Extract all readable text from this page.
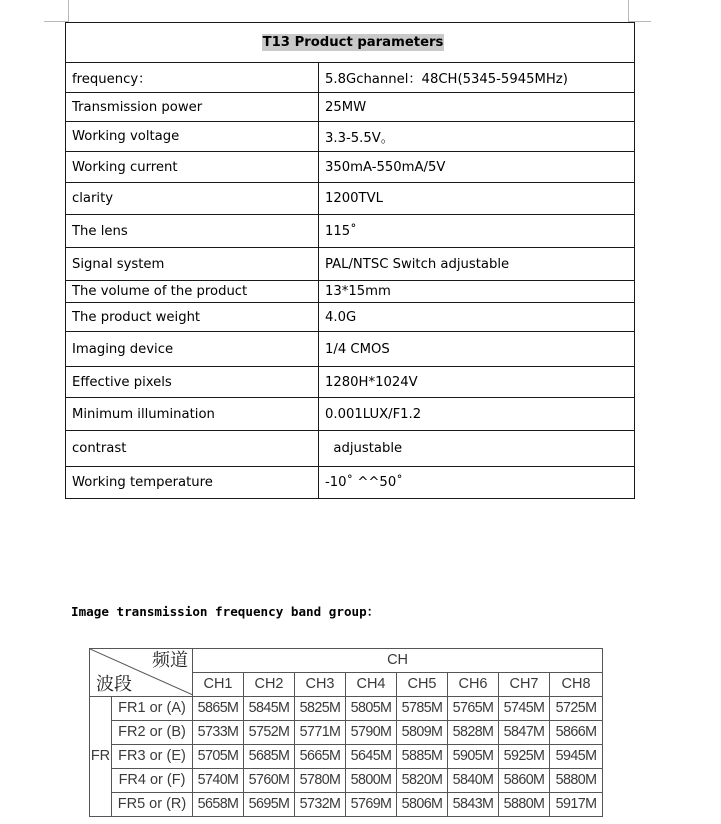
T13 Product parameters	
frequency：	5.8Gchannel：48CH(5345-5945MHz)
Transmission power	25MW
Working voltage	3.3-5.5V。
Working current	350mA-550mA/5V
clarity	1200TVL
The lens	115˚
Signal system	PAL/NTSC Switch adjustable
The volume of the product	13*15mm
The product weight	4.0G
Imaging device	1/4 CMOS
Effective pixels	1280H*1024V
Minimum illumination	0.001LUX/F1.2
contrast	adjustable
Working temperature	-10˚ ^^50˚
Image transmission frequency band group：
频道
波段		CH							
		CH1	CH2	CH3	CH4	CH5	CH6	CH7	CH8
FR	FR1 or (A)	5865M	5845M	5825M	5805M	5785M	5765M	5745M	5725M
	FR2 or (B)	5733M	5752M	5771M	5790M	5809M	5828M	5847M	5866M
	FR3 or (E)	5705M	5685M	5665M	5645M	5885M	5905M	5925M	5945M
	FR4 or (F)	5740M	5760M	5780M	5800M	5820M	5840M	5860M	5880M
	FR5 or (R)	5658M	5695M	5732M	5769M	5806M	5843M	5880M	5917M
